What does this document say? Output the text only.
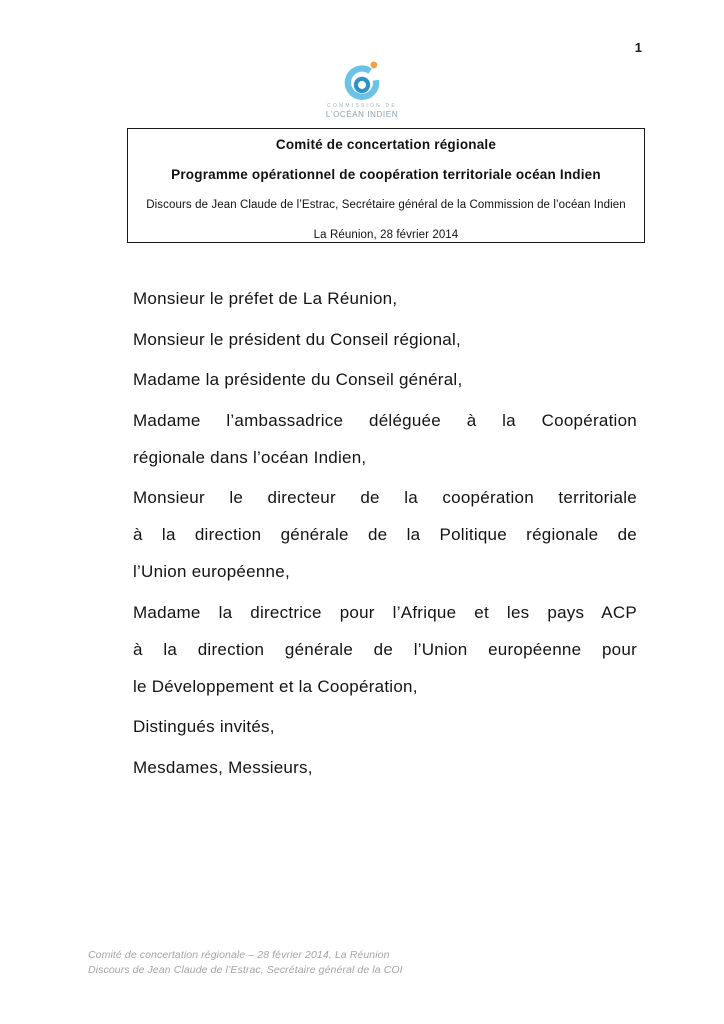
1
COMMISSION DE
L'OCÉAN INDIEN
Comité de concertation régionale
Programme opérationnel de coopération territoriale océan Indien
Discours de Jean Claude de l’Estrac, Secrétaire général de la Commission de l’océan Indien
La Réunion, 28 février 2014
Monsieur le préfet de La Réunion,
Monsieur le président du Conseil régional,
Madame la présidente du Conseil général,
Madame l’ambassadrice déléguée à la Coopération
régionale dans l’océan Indien,
Monsieur le directeur de la coopération territoriale
à la direction générale de la Politique régionale de
l’Union européenne,
Madame la directrice pour l’Afrique et les pays ACP
à la direction générale de l’Union européenne pour
le Développement et la Coopération,
Distingués invités,
Mesdames, Messieurs,
Comité de concertation régionale – 28 février 2014, La Réunion
Discours de Jean Claude de l’Estrac, Secrétaire général de la COI
